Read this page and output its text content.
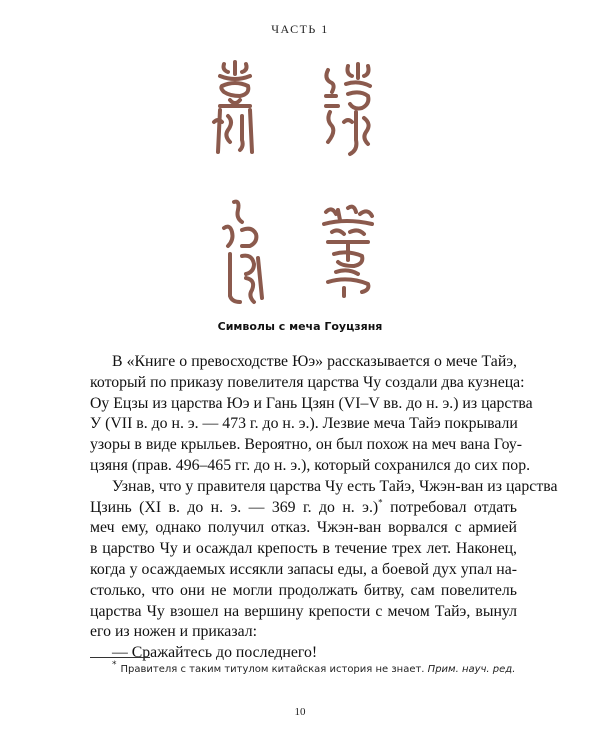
ЧАСТЬ 1
Символы с меча Гоуцзяня
В «Книге о превосходстве Юэ» рассказывается о мече Тайэ,
который по приказу повелителя царства Чу создали два кузнеца:
Оу Ецзы из царства Юэ и Гань Цзян (VI–V вв. до н. э.) из царства
У (VII в. до н. э. — 473 г. до н. э.). Лезвие меча Тайэ покрывали
узоры в виде крыльев. Вероятно, он был похож на меч вана Гоу-
цзяня (прав. 496–465 гг. до н. э.), который сохранился до сих пор.
Узнав, что у правителя царства Чу есть Тайэ, Чжэн-ван из царства
Цзинь (XI в. до н. э. — 369 г. до н. э.)* потребовал отдать
меч ему, однако получил отказ. Чжэн-ван ворвался с армией
в царство Чу и осаждал крепость в течение трех лет. Наконец,
когда у осаждаемых иссякли запасы еды, а боевой дух упал на-
столько, что они не могли продолжать битву, сам повелитель
царства Чу взошел на вершину крепости с мечом Тайэ, вынул
его из ножен и приказал:
— Сражайтесь до последнего!
* Правителя с таким титулом китайская история не знает. Прим. науч. ред.
10
